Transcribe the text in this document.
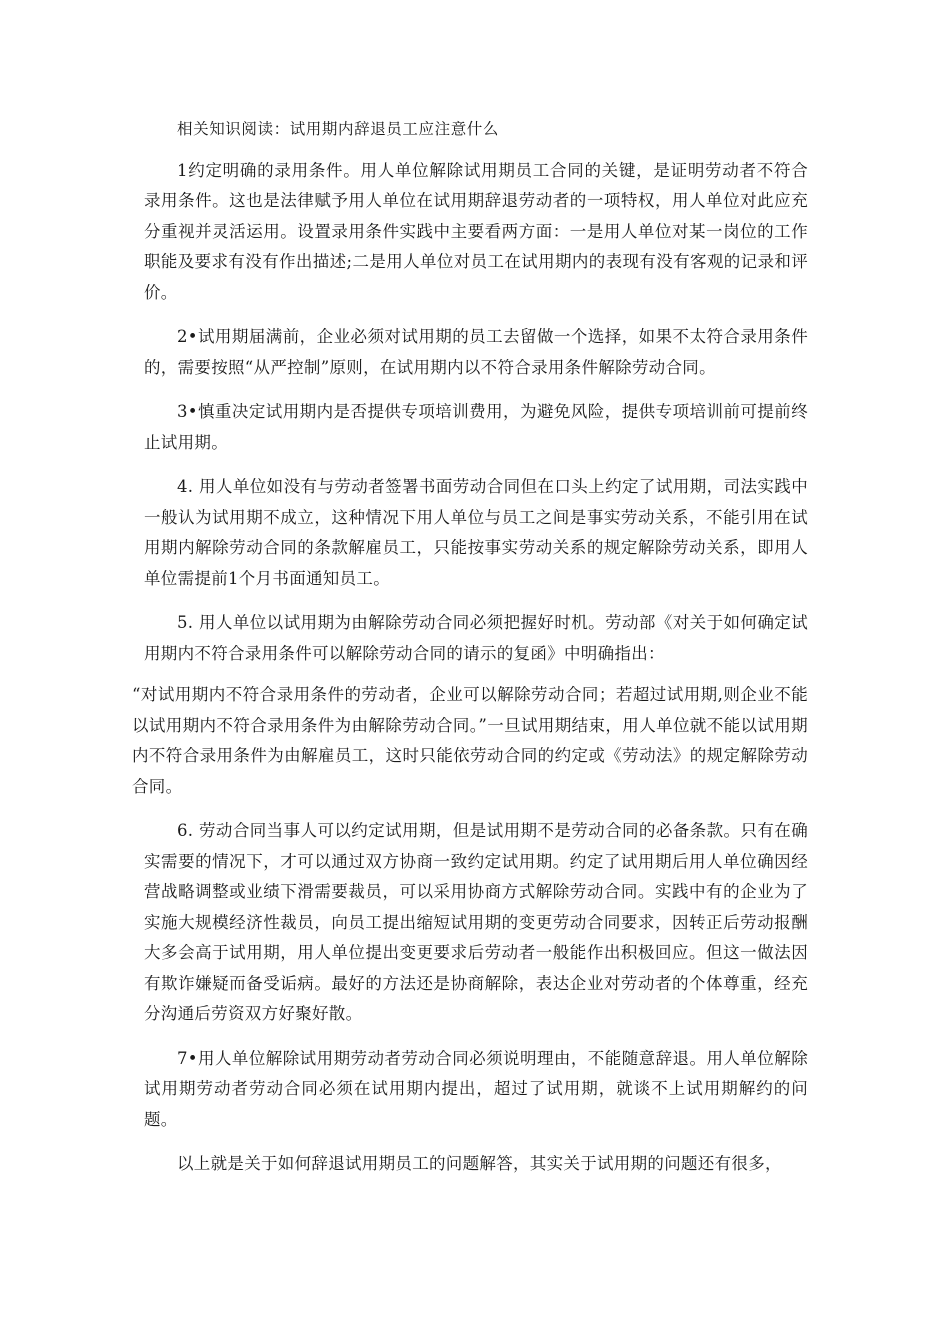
相关知识阅读：试用期内辞退员工应注意什么

1约定明确的录用条件。用人单位解除试用期员工合同的关键，是证明劳动者不符合录用条件。这也是法律赋予用人单位在试用期辞退劳动者的一项特权，用人单位对此应充分重视并灵活运用。设置录用条件实践中主要看两方面：一是用人单位对某一岗位的工作职能及要求有没有作出描述;二是用人单位对员工在试用期内的表现有没有客观的记录和评价。

2•试用期届满前，企业必须对试用期的员工去留做一个选择，如果不太符合录用条件的，需要按照“从严控制”原则，在试用期内以不符合录用条件解除劳动合同。

3•慎重决定试用期内是否提供专项培训费用，为避免风险，提供专项培训前可提前终止试用期。

4. 用人单位如没有与劳动者签署书面劳动合同但在口头上约定了试用期，司法实践中一般认为试用期不成立，这种情况下用人单位与员工之间是事实劳动关系，不能引用在试用期内解除劳动合同的条款解雇员工，只能按事实劳动关系的规定解除劳动关系，即用人单位需提前1个月书面通知员工。

5. 用人单位以试用期为由解除劳动合同必须把握好时机。劳动部《对关于如何确定试用期内不符合录用条件可以解除劳动合同的请示的复函》中明确指出：

“对试用期内不符合录用条件的劳动者，企业可以解除劳动合同；若超过试用期,则企业不能以试用期内不符合录用条件为由解除劳动合同。”一旦试用期结束，用人单位就不能以试用期内不符合录用条件为由解雇员工，这时只能依劳动合同的约定或《劳动法》的规定解除劳动合同。

6. 劳动合同当事人可以约定试用期，但是试用期不是劳动合同的必备条款。只有在确实需要的情况下，才可以通过双方协商一致约定试用期。约定了试用期后用人单位确因经营战略调整或业绩下滑需要裁员，可以采用协商方式解除劳动合同。实践中有的企业为了实施大规模经济性裁员，向员工提出缩短试用期的变更劳动合同要求，因转正后劳动报酬大多会高于试用期，用人单位提出变更要求后劳动者一般能作出积极回应。但这一做法因有欺诈嫌疑而备受诟病。最好的方法还是协商解除，表达企业对劳动者的个体尊重，经充分沟通后劳资双方好聚好散。

7•用人单位解除试用期劳动者劳动合同必须说明理由，不能随意辞退。用人单位解除试用期劳动者劳动合同必须在试用期内提出，超过了试用期，就谈不上试用期解约的问题。

以上就是关于如何辞退试用期员工的问题解答，其实关于试用期的问题还有很多，
